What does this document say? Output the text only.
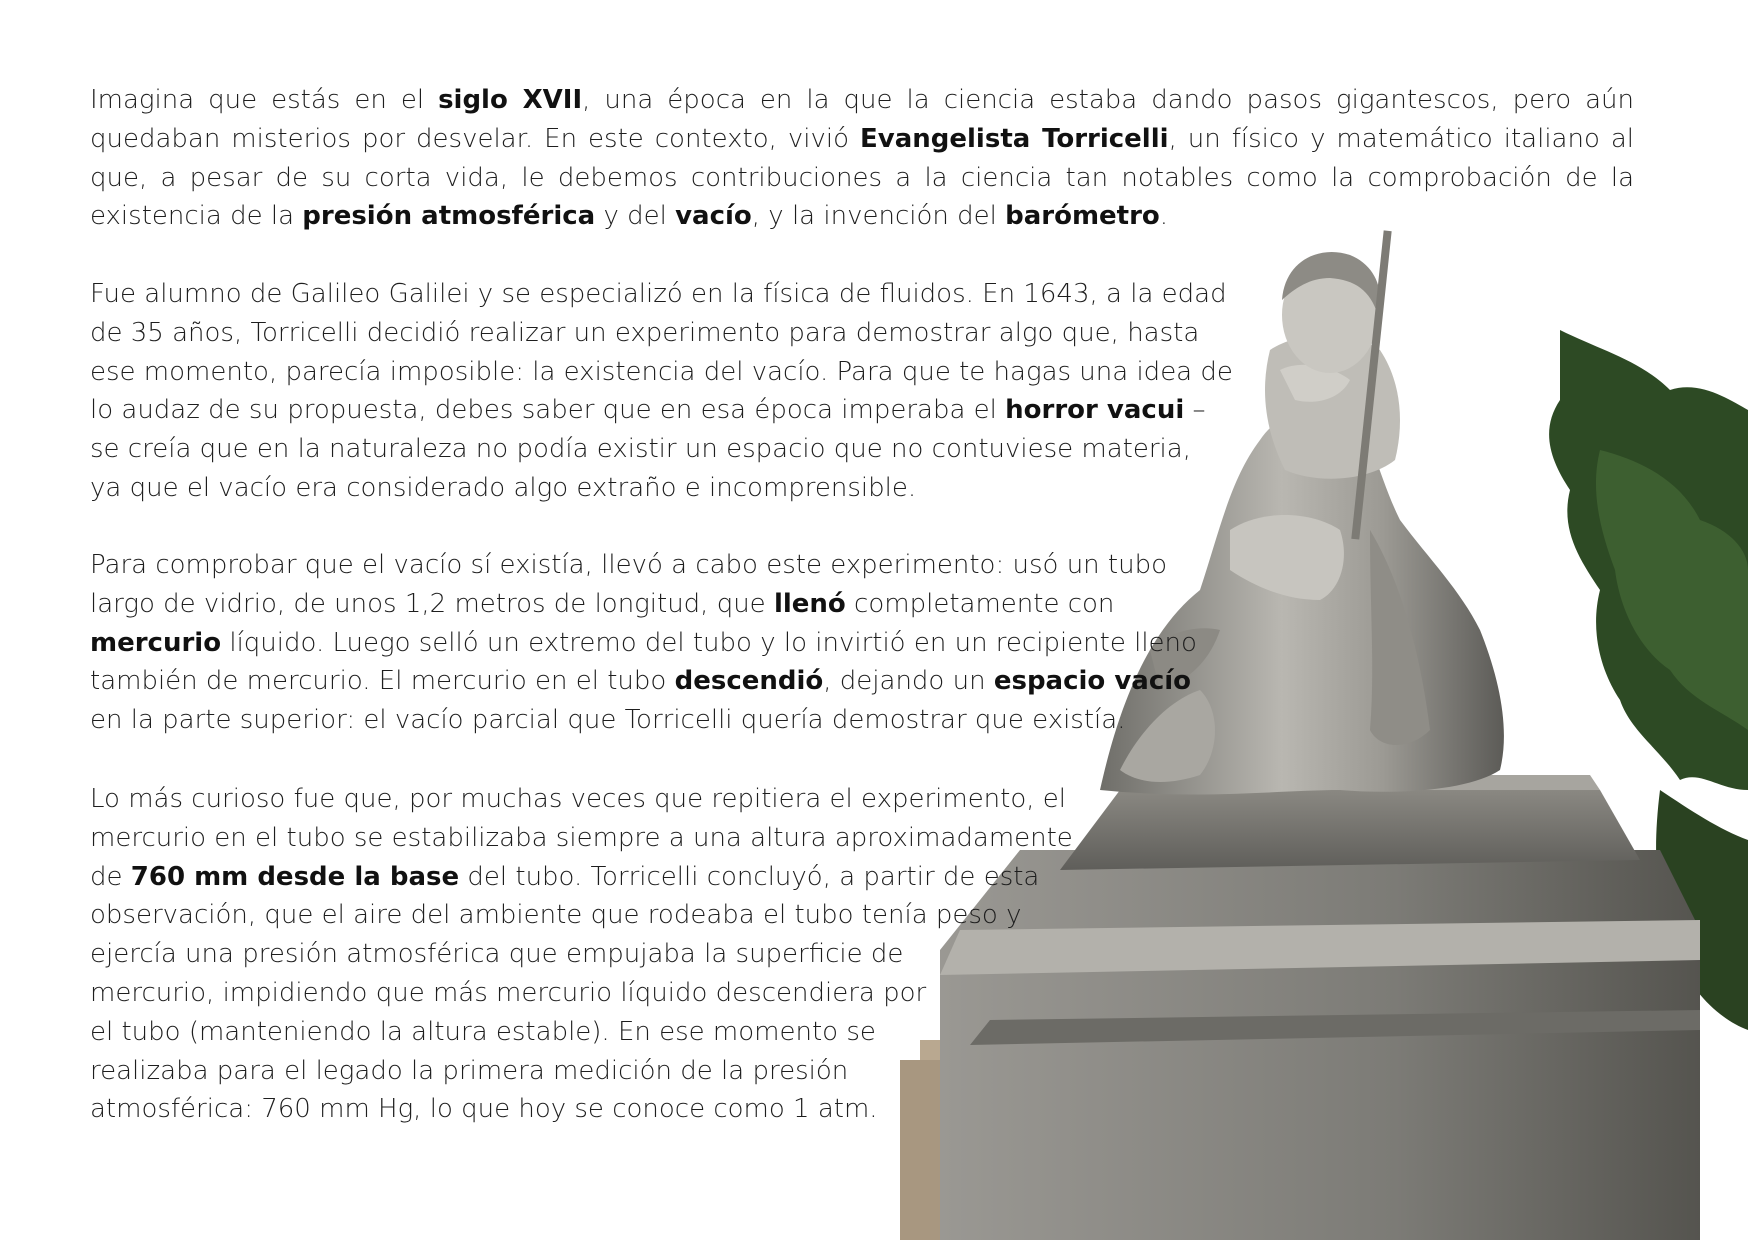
Imagina que estás en el siglo XVII, una época en la que la ciencia estaba dando pasos gigantescos, pero aún quedaban misterios por desvelar. En este contexto, vivió Evangelista Torricelli, un físico y matemático italiano al que, a pesar de su corta vida, le debemos contribuciones a la ciencia tan notables como la comprobación de la existencia de la presión atmosférica y del vacío, y la invención del barómetro.
Fue alumno de Galileo Galilei y se especializó en la física de fluidos. En 1643, a la edad
de 35 años, Torricelli decidió realizar un experimento para demostrar algo que, hasta
ese momento, parecía imposible: la existencia del vacío. Para que te hagas una idea de
lo audaz de su propuesta, debes saber que en esa época imperaba el horror vacui –
se creía que en la naturaleza no podía existir un espacio que no contuviese materia,
ya que el vacío era considerado algo extraño e incomprensible.
Para comprobar que el vacío sí existía, llevó a cabo este experimento: usó un tubo
largo de vidrio, de unos 1,2 metros de longitud, que llenó completamente con
mercurio líquido. Luego selló un extremo del tubo y lo invirtió en un recipiente lleno
también de mercurio. El mercurio en el tubo descendió, dejando un espacio vacío
en la parte superior: el vacío parcial que Torricelli quería demostrar que existía.
Lo más curioso fue que, por muchas veces que repitiera el experimento, el
mercurio en el tubo se estabilizaba siempre a una altura aproximadamente
de 760 mm desde la base del tubo. Torricelli concluyó, a partir de esta
observación, que el aire del ambiente que rodeaba el tubo tenía peso y
ejercía una presión atmosférica que empujaba la superficie de
mercurio, impidiendo que más mercurio líquido descendiera por
el tubo (manteniendo la altura estable). En ese momento se
realizaba para el legado la primera medición de la presión
atmosférica: 760 mm Hg, lo que hoy se conoce como 1 atm.
